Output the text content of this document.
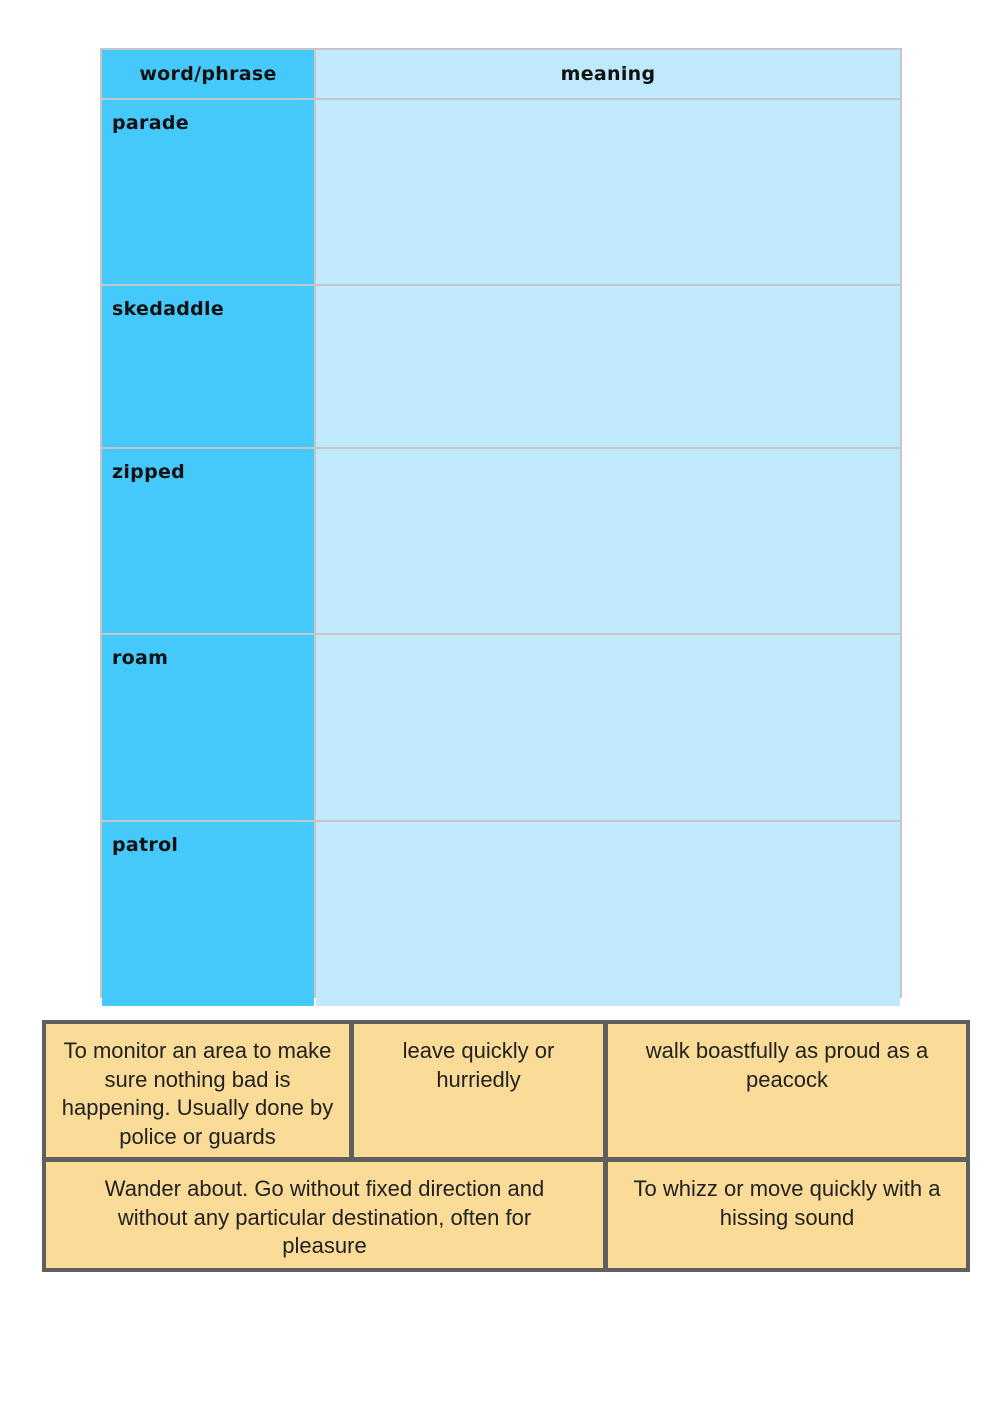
word/phrase	meaning
parade
skedaddle
zipped
roam
patrol
To monitor an area to make sure nothing bad is happening. Usually done by police or guards
leave quickly or hurriedly
walk boastfully as proud as a peacock
Wander about. Go without fixed direction and without any particular destination, often for pleasure
To whizz or move quickly with a hissing sound
